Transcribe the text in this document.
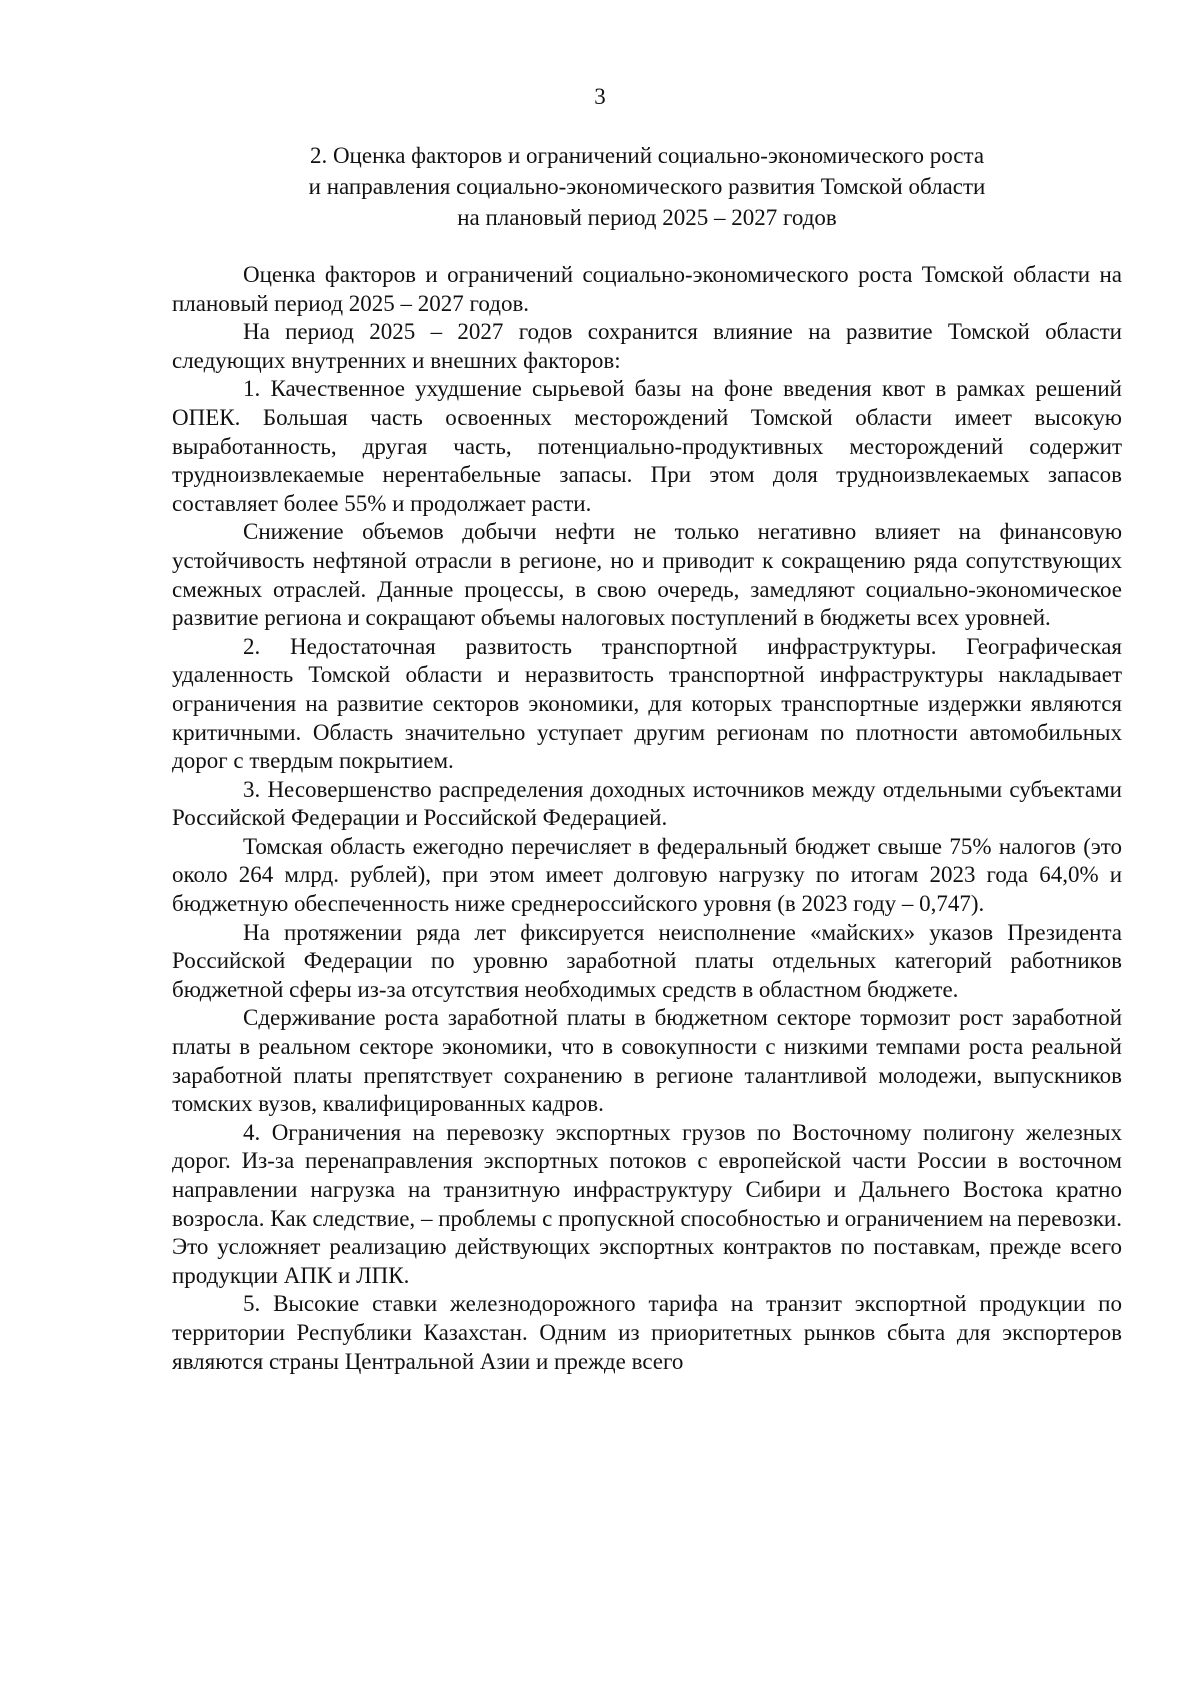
3
2. Оценка факторов и ограничений социально-экономического роста
и направления социально-экономического развития Томской области
на плановый период 2025 – 2027 годов

Оценка факторов и ограничений социально-экономического роста Томской области на плановый период 2025 – 2027 годов.

На период 2025 – 2027 годов сохранится влияние на развитие Томской области следующих внутренних и внешних факторов:

1. Качественное ухудшение сырьевой базы на фоне введения квот в рамках решений ОПЕК. Большая часть освоенных месторождений Томской области имеет высокую выработанность, другая часть, потенциально-продуктивных месторождений содержит трудноизвлекаемые нерентабельные запасы. При этом доля трудноизвлекаемых запасов составляет более 55% и продолжает расти.

Снижение объемов добычи нефти не только негативно влияет на финансовую устойчивость нефтяной отрасли в регионе, но и приводит к сокращению ряда сопутствующих смежных отраслей. Данные процессы, в свою очередь, замедляют социально-экономическое развитие региона и сокращают объемы налоговых поступлений в бюджеты всех уровней.

2. Недостаточная развитость транспортной инфраструктуры. Географическая удаленность Томской области и неразвитость транспортной инфраструктуры накладывает ограничения на развитие секторов экономики, для которых транспортные издержки являются критичными. Область значительно уступает другим регионам по плотности автомобильных дорог с твердым покрытием.

3. Несовершенство распределения доходных источников между отдельными субъектами Российской Федерации и Российской Федерацией.

Томская область ежегодно перечисляет в федеральный бюджет свыше 75% налогов (это около 264 млрд. рублей), при этом имеет долговую нагрузку по итогам 2023 года 64,0% и бюджетную обеспеченность ниже среднероссийского уровня (в 2023 году – 0,747).

На протяжении ряда лет фиксируется неисполнение «майских» указов Президента Российской Федерации по уровню заработной платы отдельных категорий работников бюджетной сферы из-за отсутствия необходимых средств в областном бюджете.

Сдерживание роста заработной платы в бюджетном секторе тормозит рост заработной платы в реальном секторе экономики, что в совокупности с низкими темпами роста реальной заработной платы препятствует сохранению в регионе талантливой молодежи, выпускников томских вузов, квалифицированных кадров.

4. Ограничения на перевозку экспортных грузов по Восточному полигону железных дорог. Из-за перенаправления экспортных потоков с европейской части России в восточном направлении нагрузка на транзитную инфраструктуру Сибири и Дальнего Востока кратно возросла. Как следствие, – проблемы с пропускной способностью и ограничением на перевозки. Это усложняет реализацию действующих экспортных контрактов по поставкам, прежде всего продукции АПК и ЛПК.

5. Высокие ставки железнодорожного тарифа на транзит экспортной продукции по территории Республики Казахстан. Одним из приоритетных рынков сбыта для экспортеров являются страны Центральной Азии и прежде всего
